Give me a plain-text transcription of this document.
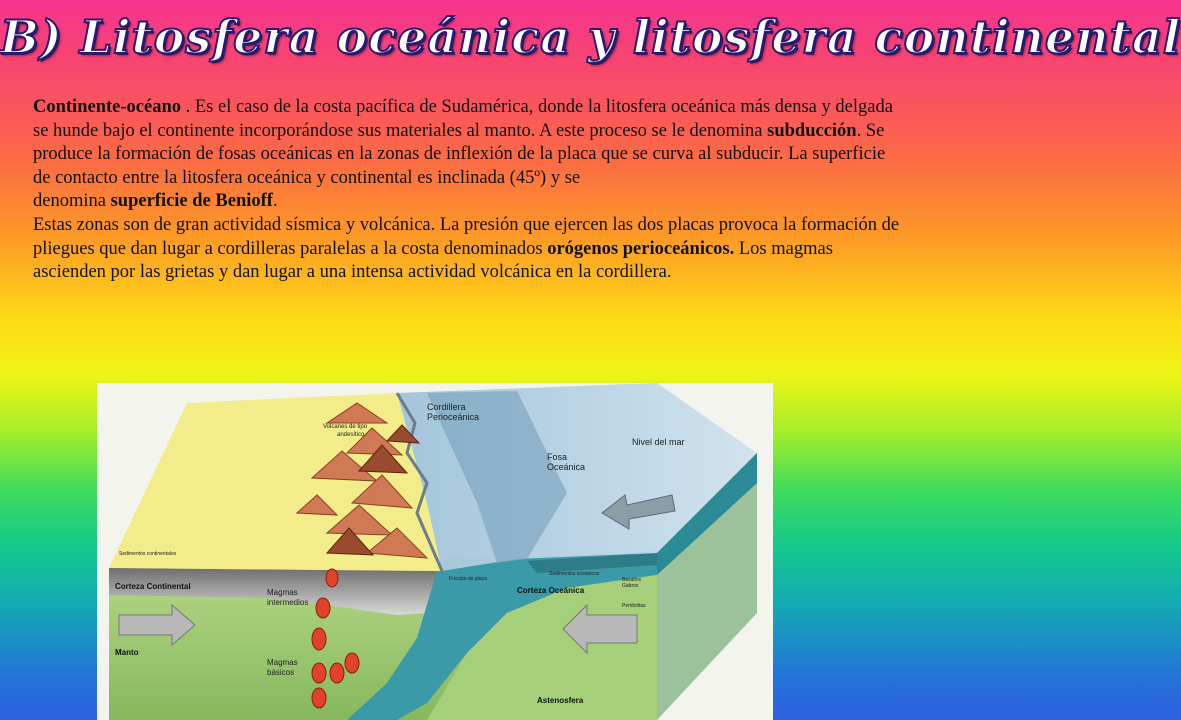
B) Litosfera oceánica y litosfera continental

Continente-océano . Es el caso de la costa pacífica de Sudamérica, donde la litosfera oceánica más densa y delgada se hunde bajo el continente incorporándose sus materiales al manto. A este proceso se le denomina subducción. Se produce la formación de fosas oceánicas en la zonas de inflexión de la placa que se curva al subducir. La superficie de contacto entre la litosfera oceánica y continental es inclinada (45º) y se
denomina superficie de Benioff.

Estas zonas son de gran actividad sísmica y volcánica. La presión que ejercen las dos placas provoca la formación de pliegues que dan lugar a cordilleras paralelas a la costa denominados orógenos perioceánicos. Los magmas ascienden por las grietas y dan lugar a una intensa actividad volcánica en la cordillera.

Cordillera
Perioceánica
Volcanes de tipo
andesítico
Nivel del mar
Fosa
Oceánica
Sedimentos continentales
Sedimentos oceánicos
Fricción de plaza
Corteza Continental
Magmas
intermedios
Corteza Oceánica
Basaltos
Gabros
Peridotitas
Manto
Magmas
básicos
Astenosfera
